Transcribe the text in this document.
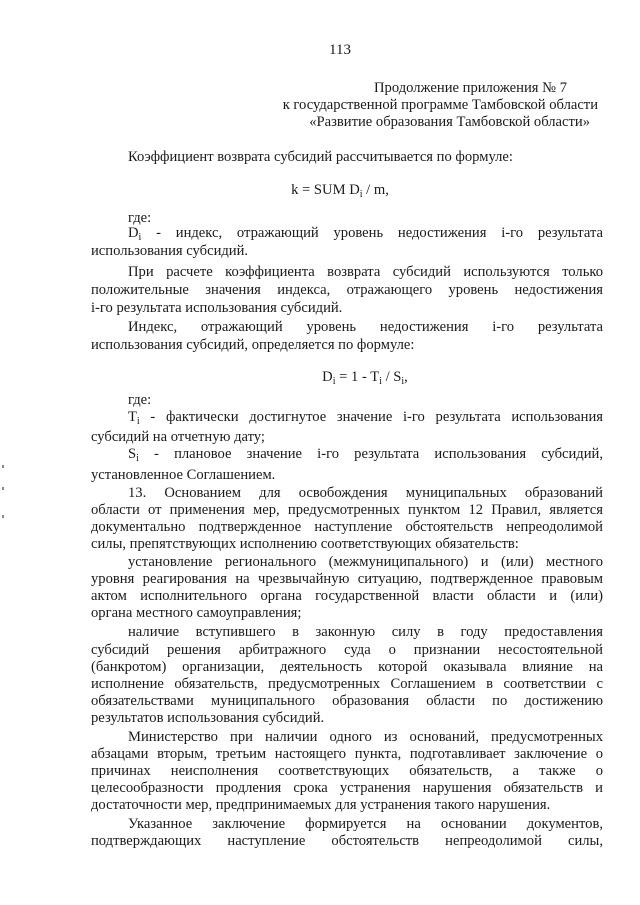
113
Продолжение приложения № 7
к государственной программе Тамбовской области
«Развитие образования Тамбовской области»
Коэффициент возврата субсидий рассчитывается по формуле:
k = SUM $D_i$ / m,
где:
$D_i$ - индекс, отражающий уровень недостижения i-го результата
использования субсидий.
При расчете коэффициента возврата субсидий используются только
положительные значения индекса, отражающего уровень недостижения
i-го результата использования субсидий.
Индекс, отражающий уровень недостижения i-го результата
использования субсидий, определяется по формуле:
$D_i = 1 - T_i / S_i$,
где:
$T_i$ - фактически достигнутое значение i-го результата использования
субсидий на отчетную дату;
$S_i$ - плановое значение i-го результата использования субсидий,
установленное Соглашением.
13. Основанием для освобождения муниципальных образований
области от применения мер, предусмотренных пунктом 12 Правил, является
документально подтвержденное наступление обстоятельств непреодолимой
силы, препятствующих исполнению соответствующих обязательств:
установление регионального (межмуниципального) и (или) местного
уровня реагирования на чрезвычайную ситуацию, подтвержденное правовым
актом исполнительного органа государственной власти области и (или)
органа местного самоуправления;
наличие вступившего в законную силу в году предоставления
субсидий решения арбитражного суда о признании несостоятельной
(банкротом) организации, деятельность которой оказывала влияние на
исполнение обязательств, предусмотренных Соглашением в соответствии с
обязательствами муниципального образования области по достижению
результатов использования субсидий.
Министерство при наличии одного из оснований, предусмотренных
абзацами вторым, третьим настоящего пункта, подготавливает заключение о
причинах неисполнения соответствующих обязательств, а также о
целесообразности продления срока устранения нарушения обязательств и
достаточности мер, предпринимаемых для устранения такого нарушения.
Указанное заключение формируется на основании документов,
подтверждающих наступление обстоятельств непреодолимой силы,
